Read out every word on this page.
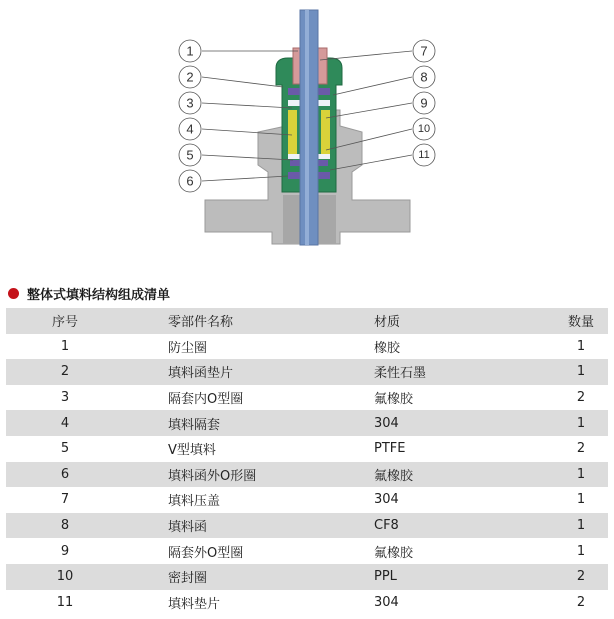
1
2
3
4
5
6
7
8
9
10
11
整体式填料结构组成清单
序号	零部件名称	材质	数量
1	防尘圈	橡胶	1
2	填料函垫片	柔性石墨	1
3	隔套内O型圈	氟橡胶	2
4	填料隔套	304	1
5	V型填料	PTFE	2
6	填料函外O形圈	氟橡胶	1
7	填料压盖	304	1
8	填料函	CF8	1
9	隔套外O型圈	氟橡胶	1
10	密封圈	PPL	2
11	填料垫片	304	2
